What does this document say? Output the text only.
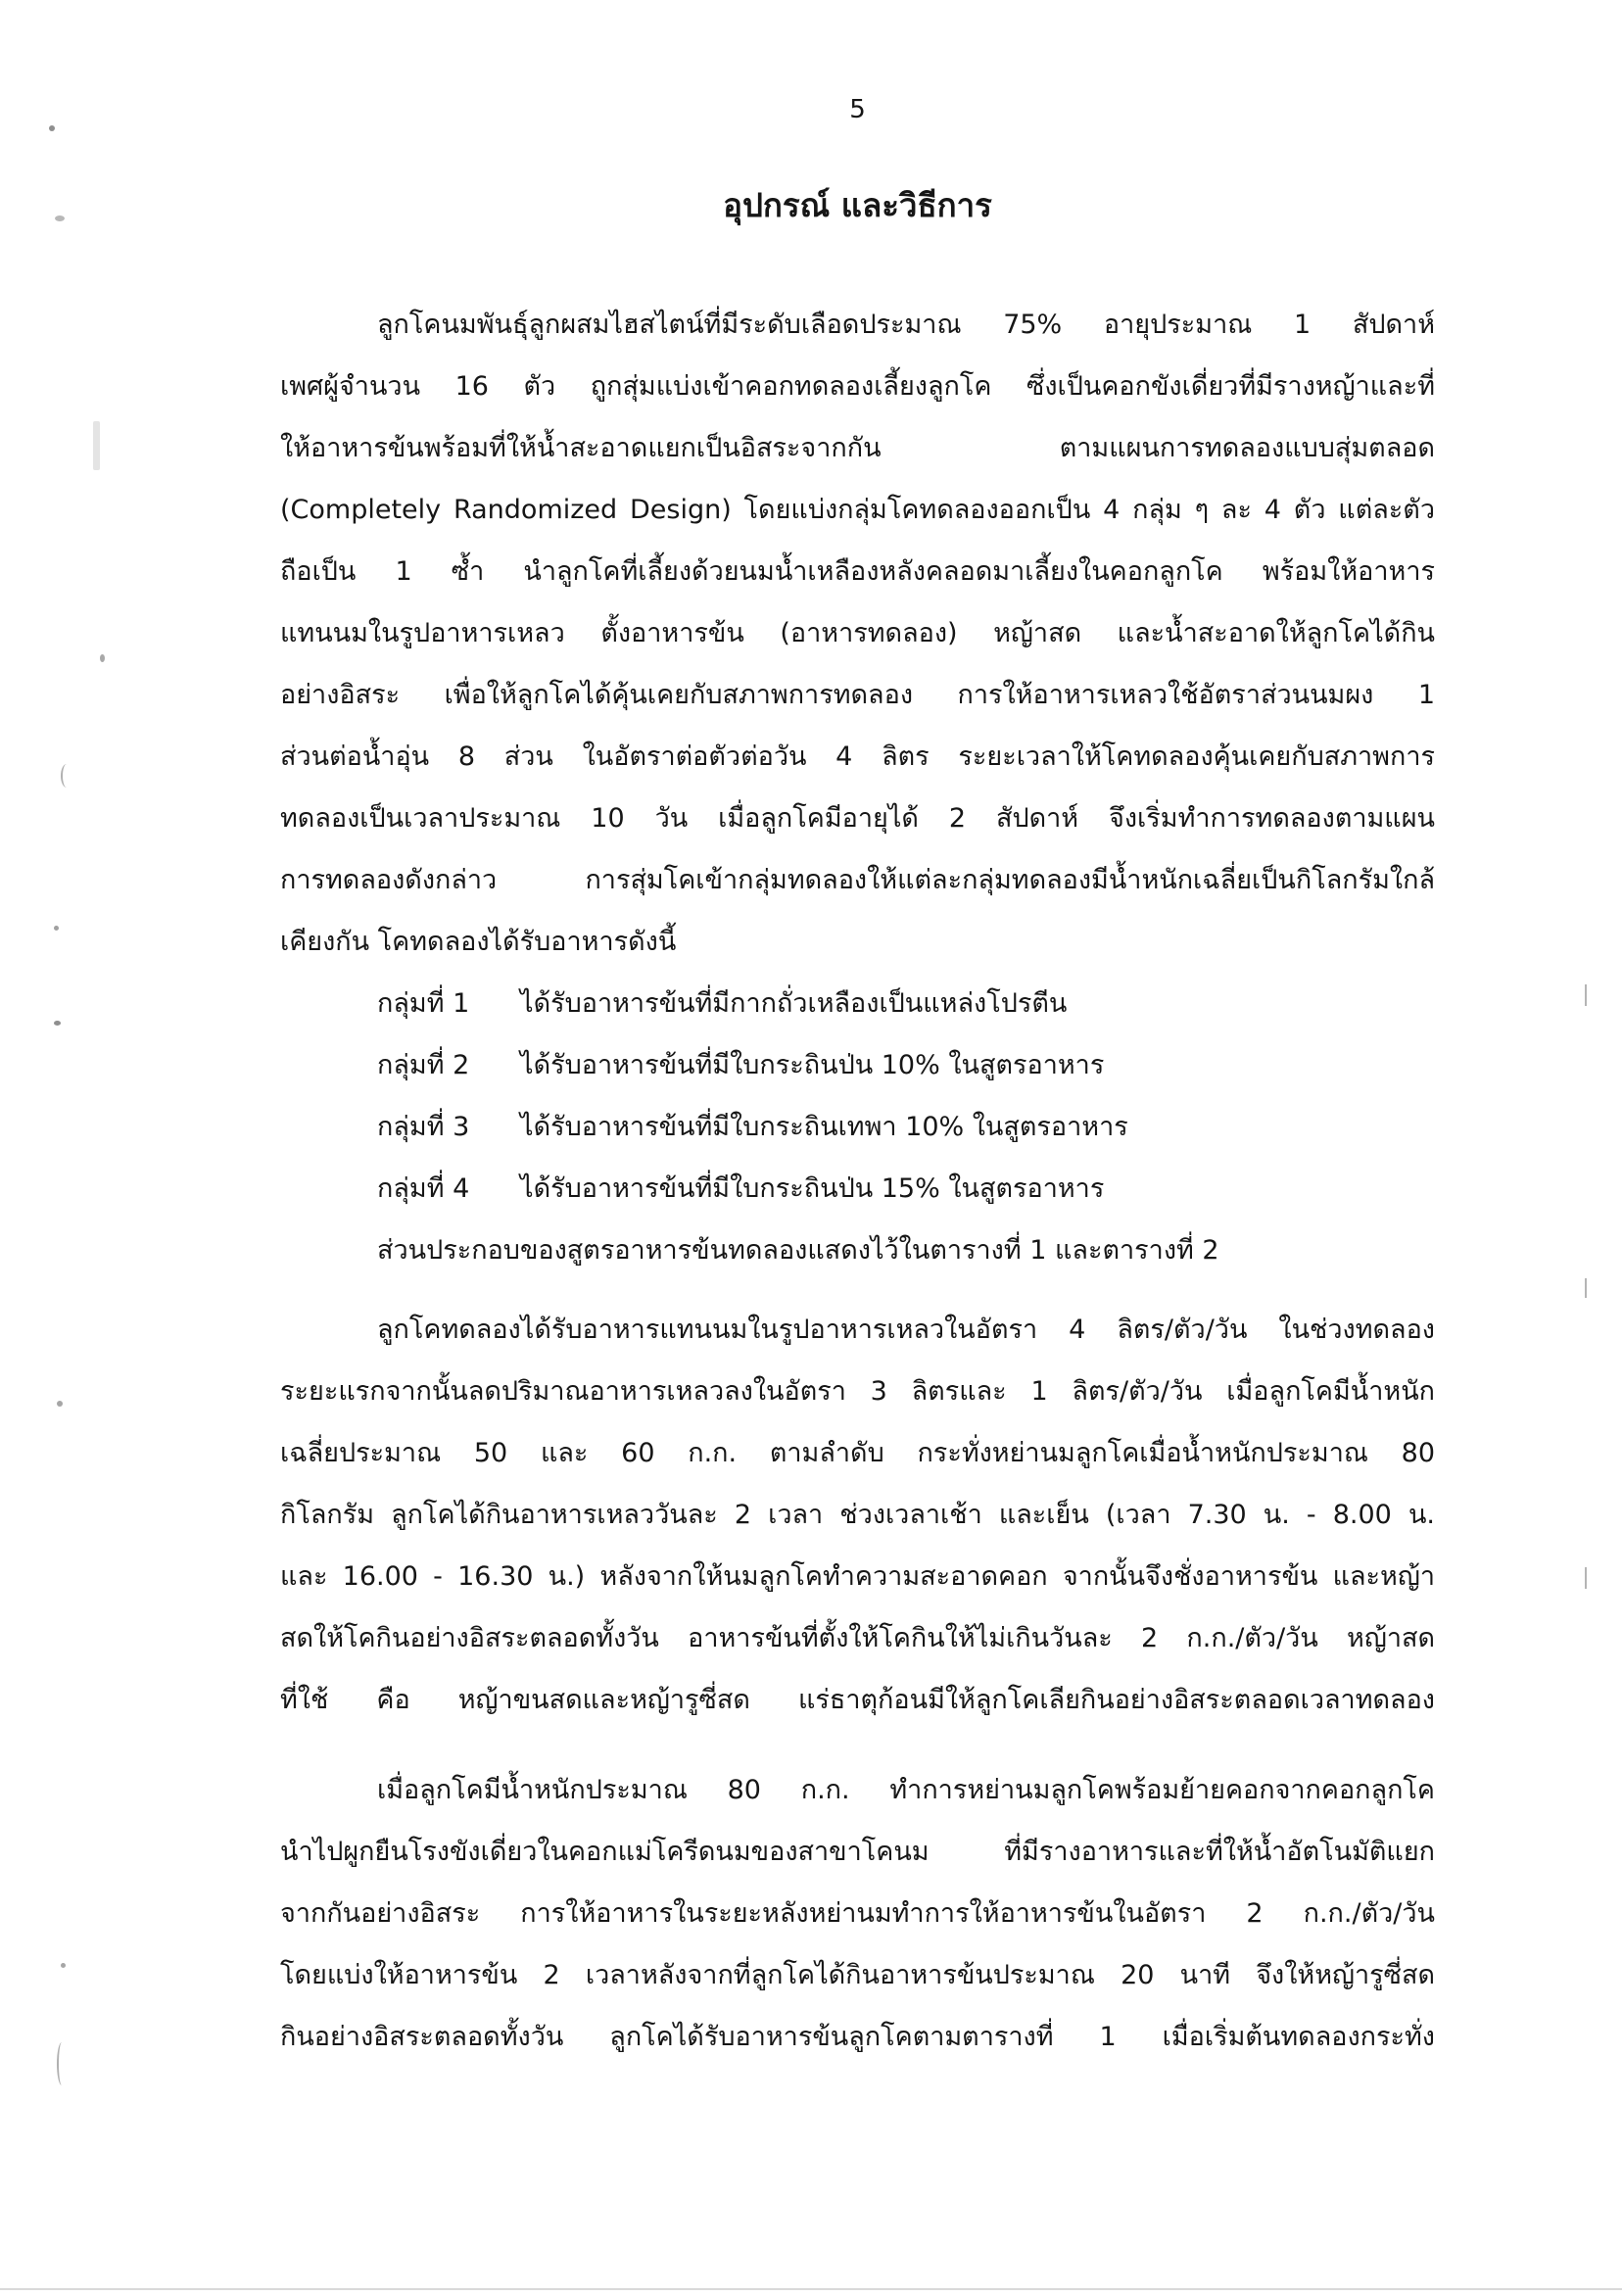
5
อุปกรณ์ และวิธีการ
ลูกโคนมพันธุ์ลูกผสมไฮสไตน์ที่มีระดับเลือดประมาณ 75% อายุประมาณ 1 สัปดาห์
เพศผู้จำนวน 16 ตัว ถูกสุ่มแบ่งเข้าคอกทดลองเลี้ยงลูกโค ซึ่งเป็นคอกขังเดี่ยวที่มีรางหญ้าและที่
ให้อาหารข้นพร้อมที่ให้น้ำสะอาดแยกเป็นอิสระจากกัน ตามแผนการทดลองแบบสุ่มตลอด
(Completely Randomized Design) โดยแบ่งกลุ่มโคทดลองออกเป็น 4 กลุ่ม ๆ ละ 4 ตัว แต่ละตัว
ถือเป็น 1 ซ้ำ นำลูกโคที่เลี้ยงด้วยนมน้ำเหลืองหลังคลอดมาเลี้ยงในคอกลูกโค พร้อมให้อาหาร
แทนนมในรูปอาหารเหลว ตั้งอาหารข้น (อาหารทดลอง) หญ้าสด และน้ำสะอาดให้ลูกโคได้กิน
อย่างอิสระ เพื่อให้ลูกโคได้คุ้นเคยกับสภาพการทดลอง การให้อาหารเหลวใช้อัตราส่วนนมผง 1
ส่วนต่อน้ำอุ่น 8 ส่วน ในอัตราต่อตัวต่อวัน 4 ลิตร ระยะเวลาให้โคทดลองคุ้นเคยกับสภาพการ
ทดลองเป็นเวลาประมาณ 10 วัน เมื่อลูกโคมีอายุได้ 2 สัปดาห์ จึงเริ่มทำการทดลองตามแผน
การทดลองดังกล่าว การสุ่มโคเข้ากลุ่มทดลองให้แต่ละกลุ่มทดลองมีน้ำหนักเฉลี่ยเป็นกิโลกรัมใกล้
เคียงกัน โคทดลองได้รับอาหารดังนี้
กลุ่มที่ 1 ได้รับอาหารข้นที่มีกากถั่วเหลืองเป็นแหล่งโปรตีน
กลุ่มที่ 2 ได้รับอาหารข้นที่มีใบกระถินป่น 10% ในสูตรอาหาร
กลุ่มที่ 3 ได้รับอาหารข้นที่มีใบกระถินเทพา 10% ในสูตรอาหาร
กลุ่มที่ 4 ได้รับอาหารข้นที่มีใบกระถินป่น 15% ในสูตรอาหาร
ส่วนประกอบของสูตรอาหารข้นทดลองแสดงไว้ในตารางที่ 1 และตารางที่ 2
ลูกโคทดลองได้รับอาหารแทนนมในรูปอาหารเหลวในอัตรา 4 ลิตร/ตัว/วัน ในช่วงทดลอง
ระยะแรกจากนั้นลดปริมาณอาหารเหลวลงในอัตรา 3 ลิตรและ 1 ลิตร/ตัว/วัน เมื่อลูกโคมีน้ำหนัก
เฉลี่ยประมาณ 50 และ 60 ก.ก. ตามลำดับ กระทั่งหย่านมลูกโคเมื่อน้ำหนักประมาณ 80
กิโลกรัม ลูกโคได้กินอาหารเหลววันละ 2 เวลา ช่วงเวลาเช้า และเย็น (เวลา 7.30 น. - 8.00 น.
และ 16.00 - 16.30 น.) หลังจากให้นมลูกโคทำความสะอาดคอก จากนั้นจึงชั่งอาหารข้น และหญ้า
สดให้โคกินอย่างอิสระตลอดทั้งวัน อาหารข้นที่ตั้งให้โคกินให้ไม่เกินวันละ 2 ก.ก./ตัว/วัน หญ้าสด
ที่ใช้ คือ หญ้าขนสดและหญ้ารูซี่สด แร่ธาตุก้อนมีให้ลูกโคเลียกินอย่างอิสระตลอดเวลาทดลอง
เมื่อลูกโคมีน้ำหนักประมาณ 80 ก.ก. ทำการหย่านมลูกโคพร้อมย้ายคอกจากคอกลูกโค
นำไปผูกยืนโรงขังเดี่ยวในคอกแม่โครีดนมของสาขาโคนม ที่มีรางอาหารและที่ให้น้ำอัตโนมัติแยก
จากกันอย่างอิสระ การให้อาหารในระยะหลังหย่านมทำการให้อาหารข้นในอัตรา 2 ก.ก./ตัว/วัน
โดยแบ่งให้อาหารข้น 2 เวลาหลังจากที่ลูกโคได้กินอาหารข้นประมาณ 20 นาที จึงให้หญ้ารูซี่สด
กินอย่างอิสระตลอดทั้งวัน ลูกโคได้รับอาหารข้นลูกโคตามตารางที่ 1 เมื่อเริ่มต้นทดลองกระทั่ง
